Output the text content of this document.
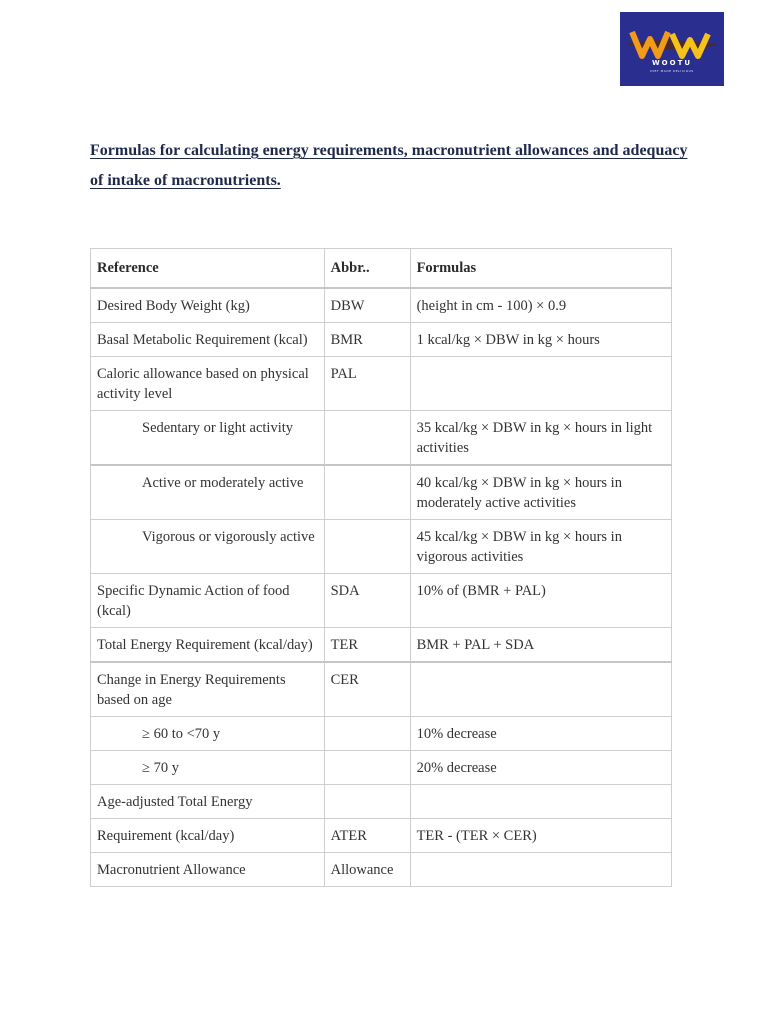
WOOTU
DIET MADE DELICIOUS
Formulas for calculating energy requirements, macronutrient allowances and adequacy of intake of macronutrients.
Reference	Abbr..	Formulas
Desired Body Weight (kg)	DBW	(height in cm - 100) × 0.9
Basal Metabolic Requirement (kcal)	BMR	1 kcal/kg × DBW in kg × hours
Caloric allowance based on physical activity level	PAL	
Sedentary or light activity		35 kcal/kg × DBW in kg × hours in light activities
Active or moderately active		40 kcal/kg × DBW in kg × hours in moderately active activities
Vigorous or vigorously active		45 kcal/kg × DBW in kg × hours in vigorous activities
Specific Dynamic Action of food (kcal)	SDA	10% of (BMR + PAL)
Total Energy Requirement (kcal/day)	TER	BMR + PAL + SDA
Change in Energy Requirements based on age	CER	
≥ 60 to <70 y		10% decrease
≥ 70 y		20% decrease
Age-adjusted Total Energy		
Requirement (kcal/day)	ATER	TER - (TER × CER)
Macronutrient Allowance	Allowance	
